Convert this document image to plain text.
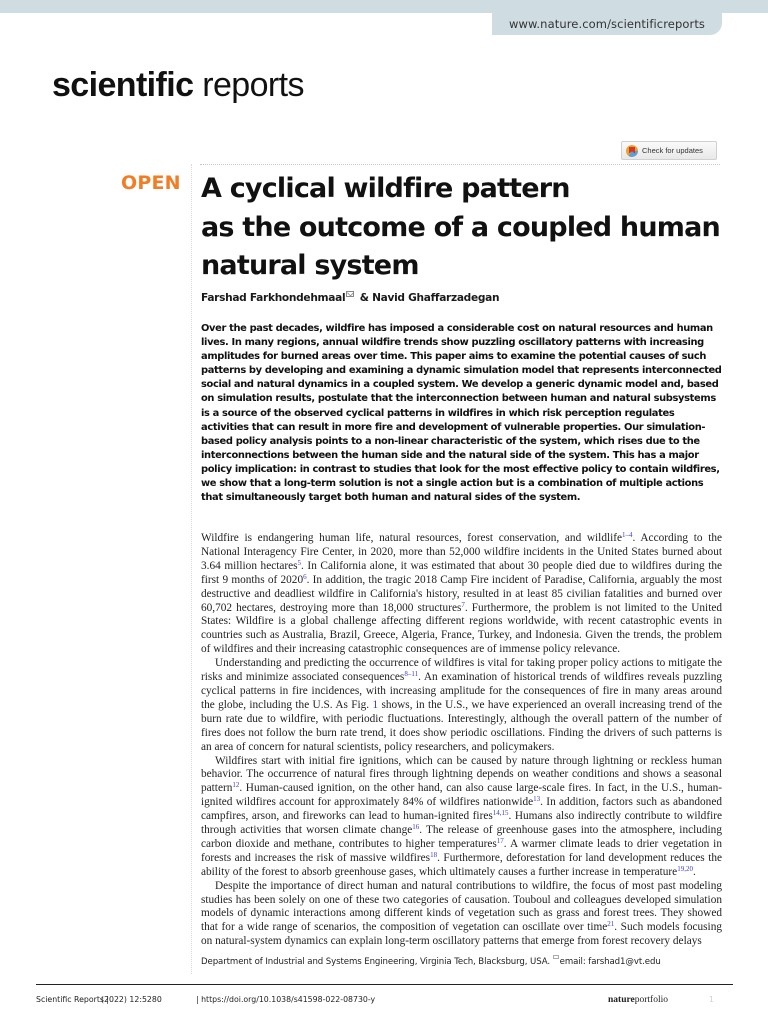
www.nature.com/scientificreports
scientific reports
Check for updates
OPEN A cyclical wildfire pattern
as the outcome of a coupled human
natural system
Farshad Farkhondehmaal & Navid Ghaffarzadegan

Over the past decades, wildfire has imposed a considerable cost on natural resources and human lives. In many regions, annual wildfire trends show puzzling oscillatory patterns with increasing amplitudes for burned areas over time. This paper aims to examine the potential causes of such patterns by developing and examining a dynamic simulation model that represents interconnected social and natural dynamics in a coupled system. We develop a generic dynamic model and, based on simulation results, postulate that the interconnection between human and natural subsystems is a source of the observed cyclical patterns in wildfires in which risk perception regulates activities that can result in more fire and development of vulnerable properties. Our simulation-based policy analysis points to a non-linear characteristic of the system, which rises due to the interconnections between the human side and the natural side of the system. This has a major policy implication: in contrast to studies that look for the most effective policy to contain wildfires, we show that a long-term solution is not a single action but is a combination of multiple actions that simultaneously target both human and natural sides of the system.

Wildfire is endangering human life, natural resources, forest conservation, and wildlife$^{1-4}$. According to the National Interagency Fire Center, in 2020, more than 52,000 wildfire incidents in the United States burned about 3.64 million hectares$^5$. In California alone, it was estimated that about 30 people died due to wildfires during the first 9 months of 2020$^6$. In addition, the tragic 2018 Camp Fire incident of Paradise, California, arguably the most destructive and deadliest wildfire in California's history, resulted in at least 85 civilian fatalities and burned over 60,702 hectares, destroying more than 18,000 structures$^7$. Furthermore, the problem is not limited to the United States: Wildfire is a global challenge affecting different regions worldwide, with recent catastrophic events in countries such as Australia, Brazil, Greece, Algeria, France, Turkey, and Indonesia. Given the trends, the problem of wildfires and their increasing catastrophic consequences are of immense policy relevance.

Understanding and predicting the occurrence of wildfires is vital for taking proper policy actions to mitigate the risks and minimize associated consequences$^{8-11}$. An examination of historical trends of wildfires reveals puzzling cyclical patterns in fire incidences, with increasing amplitude for the consequences of fire in many areas around the globe, including the U.S. As Fig. 1 shows, in the U.S., we have experienced an overall increasing trend of the burn rate due to wildfire, with periodic fluctuations. Interestingly, although the overall pattern of the number of fires does not follow the burn rate trend, it does show periodic oscillations. Finding the drivers of such patterns is an area of concern for natural scientists, policy researchers, and policymakers.

Wildfires start with initial fire ignitions, which can be caused by nature through lightning or reckless human behavior. The occurrence of natural fires through lightning depends on weather conditions and shows a seasonal pattern$^{12}$. Human-caused ignition, on the other hand, can also cause large-scale fires. In fact, in the U.S., human-ignited wildfires account for approximately 84% of wildfires nationwide$^{13}$. In addition, factors such as abandoned campfires, arson, and fireworks can lead to human-ignited fires$^{14,15}$. Humans also indirectly contribute to wildfire through activities that worsen climate change$^{16}$. The release of greenhouse gases into the atmosphere, including carbon dioxide and methane, contributes to higher temperatures$^{17}$. A warmer climate leads to drier vegetation in forests and increases the risk of massive wildfires$^{18}$. Furthermore, deforestation for land development reduces the ability of the forest to absorb greenhouse gases, which ultimately causes a further increase in temperature$^{19,20}$.

Despite the importance of direct human and natural contributions to wildfire, the focus of most past modeling studies has been solely on one of these two categories of causation. Touboul and colleagues developed simulation models of dynamic interactions among different kinds of vegetation such as grass and forest trees. They showed that for a wide range of scenarios, the composition of vegetation can oscillate over time$^{21}$. Such models focusing on natural-system dynamics can explain long-term oscillatory patterns that emerge from forest recovery delays

Department of Industrial and Systems Engineering, Virginia Tech, Blacksburg, USA. email: farshad1@vt.edu
Scientific Reports |
(2022) 12:5280	| https://doi.org/10.1038/s41598-022-08730-y	natureportfolio	1
